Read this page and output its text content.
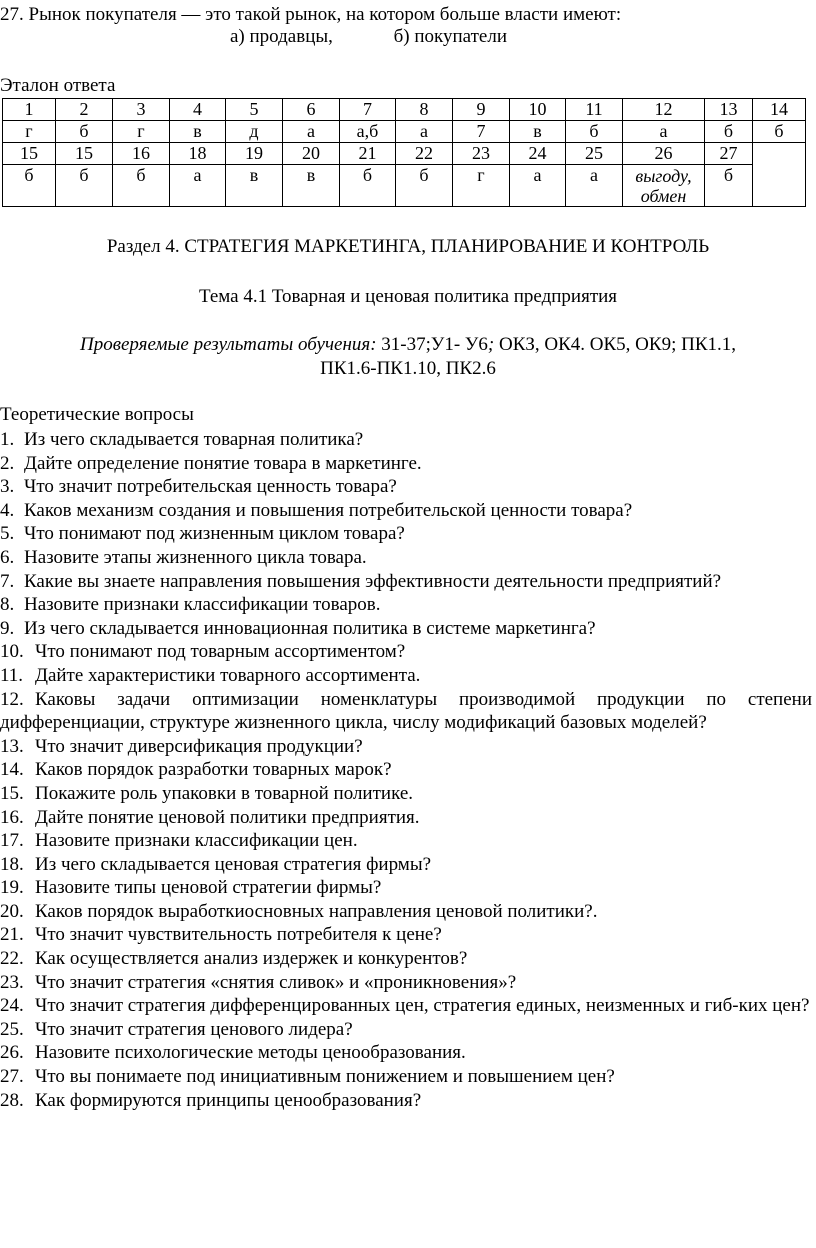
27. Рынок покупателя — это такой рынок, на котором больше власти имеют:
а) продавцы,	б) покупатели
Эталон ответа
1	2	3	4	5	6	7	8	9	10	11	12	13	14
г	б	г	в	д	а	а,б	а	7	в	б	а	б	б
15	15	16	18	19	20	21	22	23	24	25	26	27	
б	б	б	а	в	в	б	б	г	а	а	выгоду, обмен	б	
Раздел 4. СТРАТЕГИЯ МАРКЕТИНГА, ПЛАНИРОВАНИЕ И КОНТРОЛЬ
Тема 4.1 Товарная и ценовая политика предприятия
Проверяемые результаты обучения: 31-37;У1- У6; ОКЗ, ОК4. ОК5, ОК9; ПК1.1,
ПК1.6-ПК1.10, ПК2.6
Теоретические вопросы
1. Из чего складывается товарная политика?
2. Дайте определение понятие товара в маркетинге.
3. Что значит потребительская ценность товара?
4. Каков механизм создания и повышения потребительской ценности товара?
5. Что понимают под жизненным циклом товара?
6. Назовите этапы жизненного цикла товара.
7. Какие вы знаете направления повышения эффективности деятельности предприятий?
8. Назовите признаки классификации товаров.
9. Из чего складывается инновационная политика в системе маркетинга?
10. Что понимают под товарным ассортиментом?
11. Дайте характеристики товарного ассортимента.
12. Каковы задачи оптимизации номенклатуры производимой продукции по степени дифференциации, структуре жизненного цикла, числу модификаций базовых моделей?
13. Что значит диверсификация продукции?
14. Каков порядок разработки товарных марок?
15. Покажите роль упаковки в товарной политике.
16. Дайте понятие ценовой политики предприятия.
17. Назовите признаки классификации цен.
18. Из чего складывается ценовая стратегия фирмы?
19. Назовите типы ценовой стратегии фирмы?
20. Каков порядок выработкиосновных направления ценовой политики?.
21. Что значит чувствительность потребителя к цене?
22. Как осуществляется анализ издержек и конкурентов?
23. Что значит стратегия «снятия сливок» и «проникновения»?
24. Что значит стратегия дифференцированных цен, стратегия единых, неизменных и гиб-ких цен?
25. Что значит стратегия ценового лидера?
26. Назовите психологические методы ценообразования.
27. Что вы понимаете под инициативным понижением и повышением цен?
28. Как формируются принципы ценообразования?
